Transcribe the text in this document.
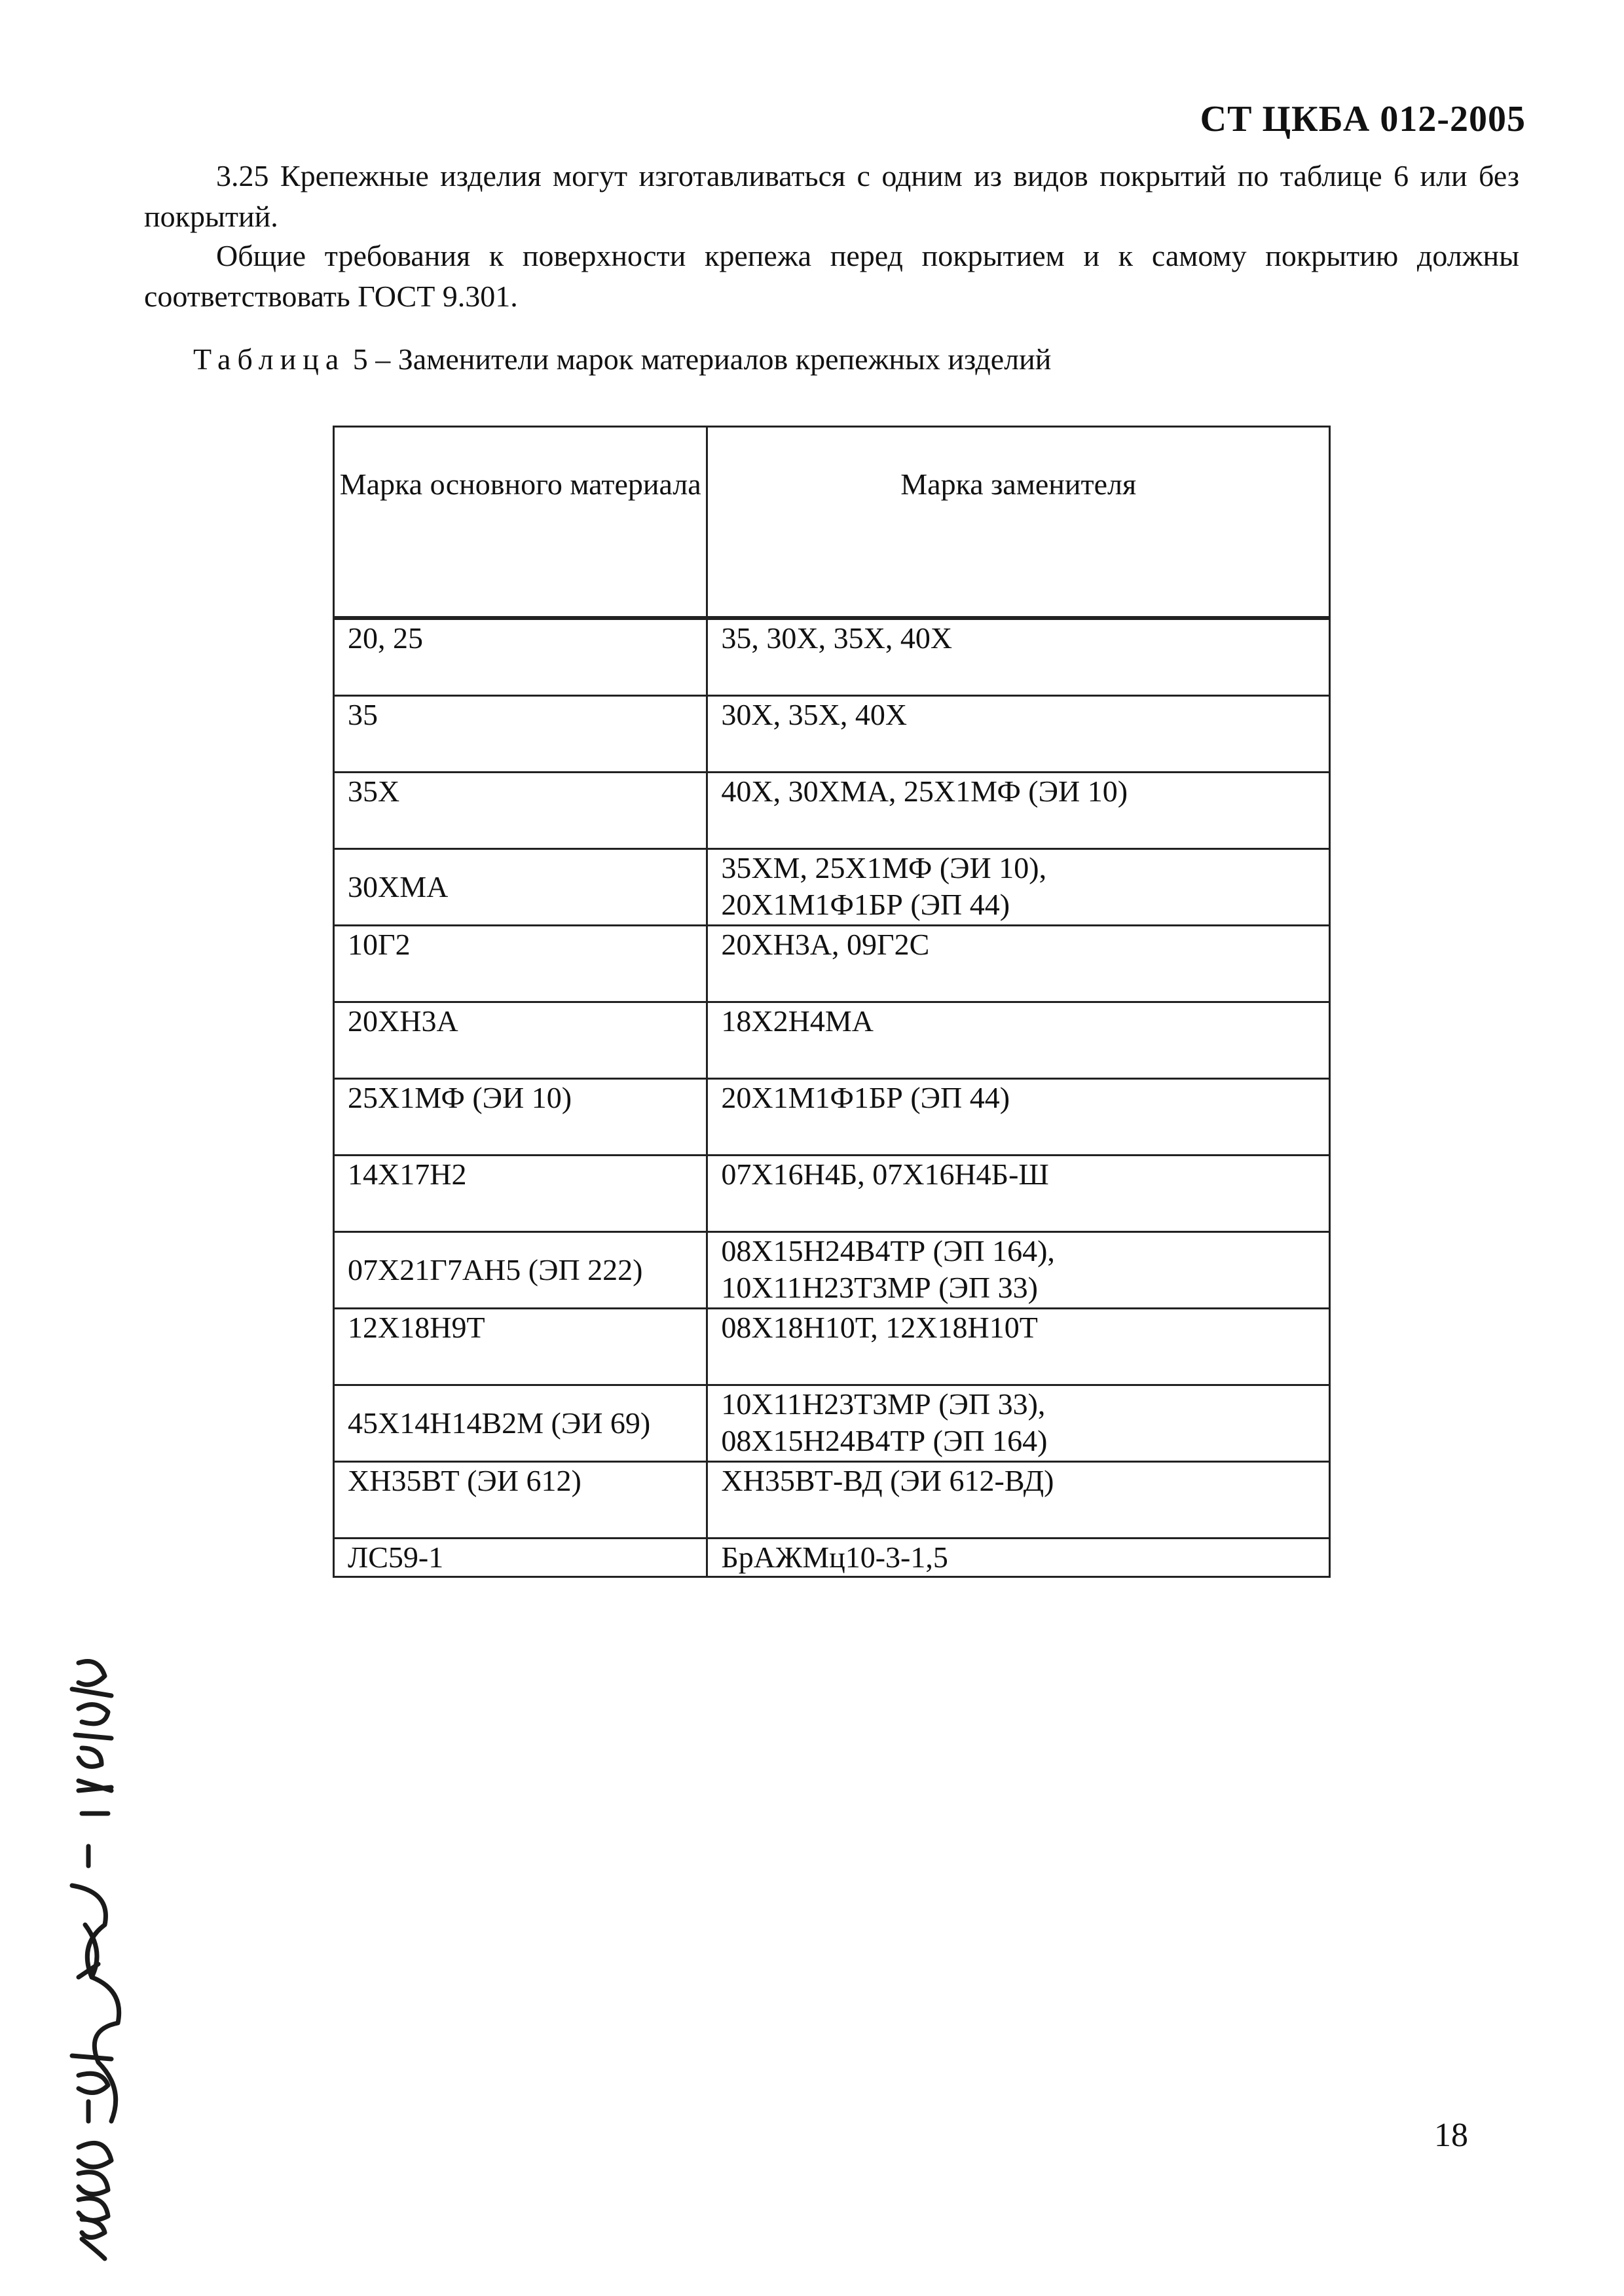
СТ ЦКБА 012-2005
3.25 Крепежные изделия могут изготавливаться с одним из видов покрытий по таблице 6 или без покрытий.
Общие требования к поверхности крепежа перед покрытием и к самому покрытию должны соответствовать ГОСТ 9.301.
Таблица 5 – Заменители марок материалов крепежных изделий
Марка основного материала	Марка заменителя
20, 25	35, 30Х, 35Х, 40Х

35	30Х, 35Х, 40Х

35Х	40Х, 30ХМА, 25Х1МФ (ЭИ 10)

30ХМА	35ХМ, 25Х1МФ (ЭИ 10),
20Х1М1Ф1БР (ЭП 44)

10Г2	20ХН3А, 09Г2С

20ХН3А	18Х2Н4МА

25Х1МФ (ЭИ 10)	20Х1М1Ф1БР (ЭП 44)

14Х17Н2	07Х16Н4Б, 07Х16Н4Б-Ш

07Х21Г7АН5 (ЭП 222)	08Х15Н24В4ТР (ЭП 164),
10Х11Н23Т3МР (ЭП 33)

12Х18Н9Т	08Х18Н10Т, 12Х18Н10Т

45Х14Н14В2М (ЭИ 69)	10Х11Н23Т3МР (ЭП 33),
08Х15Н24В4ТР (ЭП 164)

ХН35ВТ (ЭИ 612)	ХН35ВТ-ВД (ЭИ 612-ВД)

ЛС59-1	БрАЖМц10-3-1,5
18
